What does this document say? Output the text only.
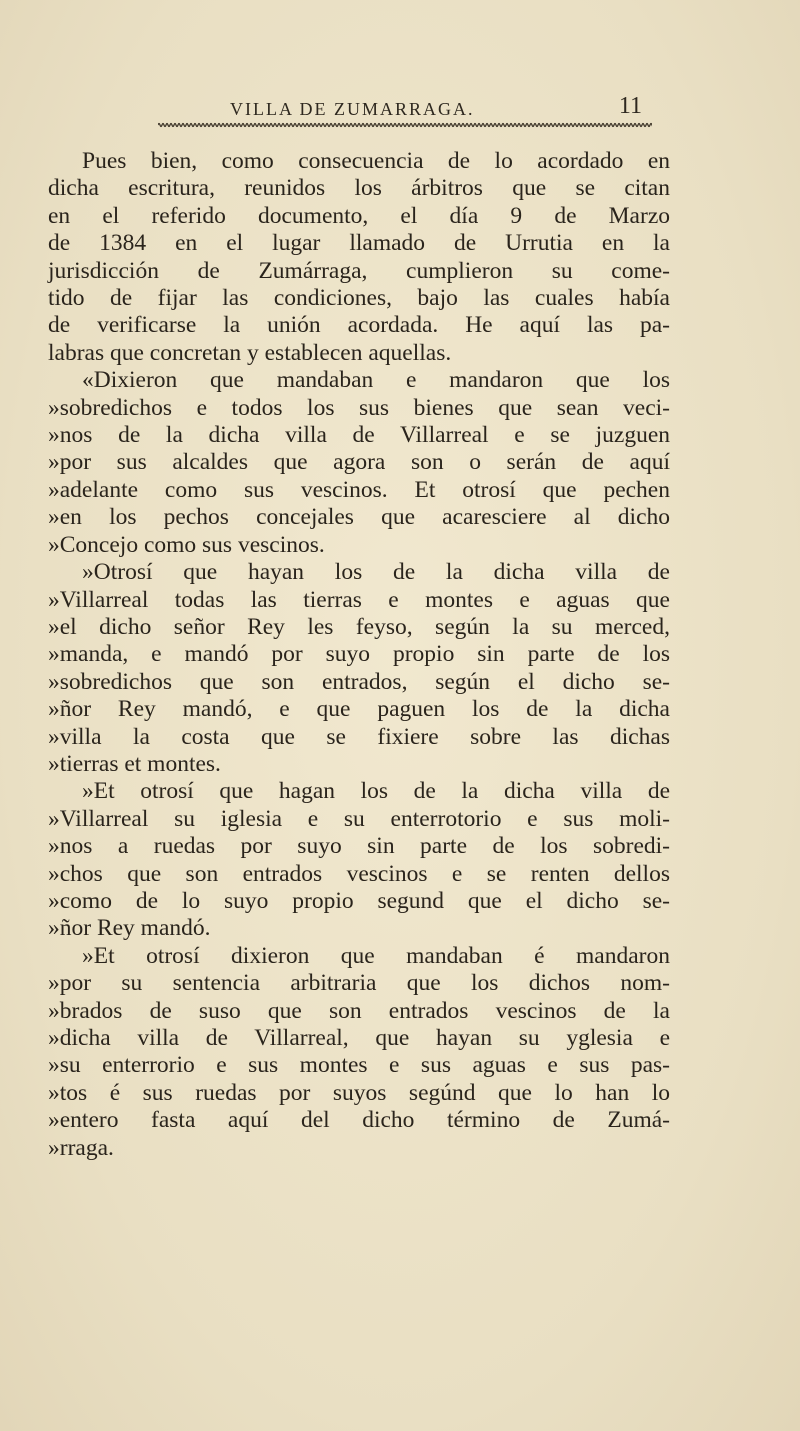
VILLA DE ZUMARRAGA.	11

Pues bien, como consecuencia de lo acordado en

dicha escritura, reunidos los árbitros que se citan

en el referido documento, el día 9 de Marzo

de 1384 en el lugar llamado de Urrutia en la

jurisdicción de Zumárraga, cumplieron su come-

tido de fijar las condiciones, bajo las cuales había

de verificarse la unión acordada. He aquí las pa-

labras que concretan y establecen aquellas.

«Dixieron que mandaban e mandaron que los

»sobredichos e todos los sus bienes que sean veci-

»nos de la dicha villa de Villarreal e se juzguen

»por sus alcaldes que agora son o serán de aquí

»adelante como sus vescinos. Et otrosí que pechen

»en los pechos concejales que acaresciere al dicho

»Concejo como sus vescinos.

»Otrosí que hayan los de la dicha villa de

»Villarreal todas las tierras e montes e aguas que

»el dicho señor Rey les feyso, según la su merced,

»manda, e mandó por suyo propio sin parte de los

»sobredichos que son entrados, según el dicho se-

»ñor Rey mandó, e que paguen los de la dicha

»villa la costa que se fixiere sobre las dichas

»tierras et montes.

»Et otrosí que hagan los de la dicha villa de

»Villarreal su iglesia e su enterrotorio e sus moli-

»nos a ruedas por suyo sin parte de los sobredi-

»chos que son entrados vescinos e se renten dellos

»como de lo suyo propio segund que el dicho se-

»ñor Rey mandó.

»Et otrosí dixieron que mandaban é mandaron

»por su sentencia arbitraria que los dichos nom-

»brados de suso que son entrados vescinos de la

»dicha villa de Villarreal, que hayan su yglesia e

»su enterrorio e sus montes e sus aguas e sus pas-

»tos é sus ruedas por suyos segúnd que lo han lo

»entero fasta aquí del dicho término de Zumá-

»rraga.
